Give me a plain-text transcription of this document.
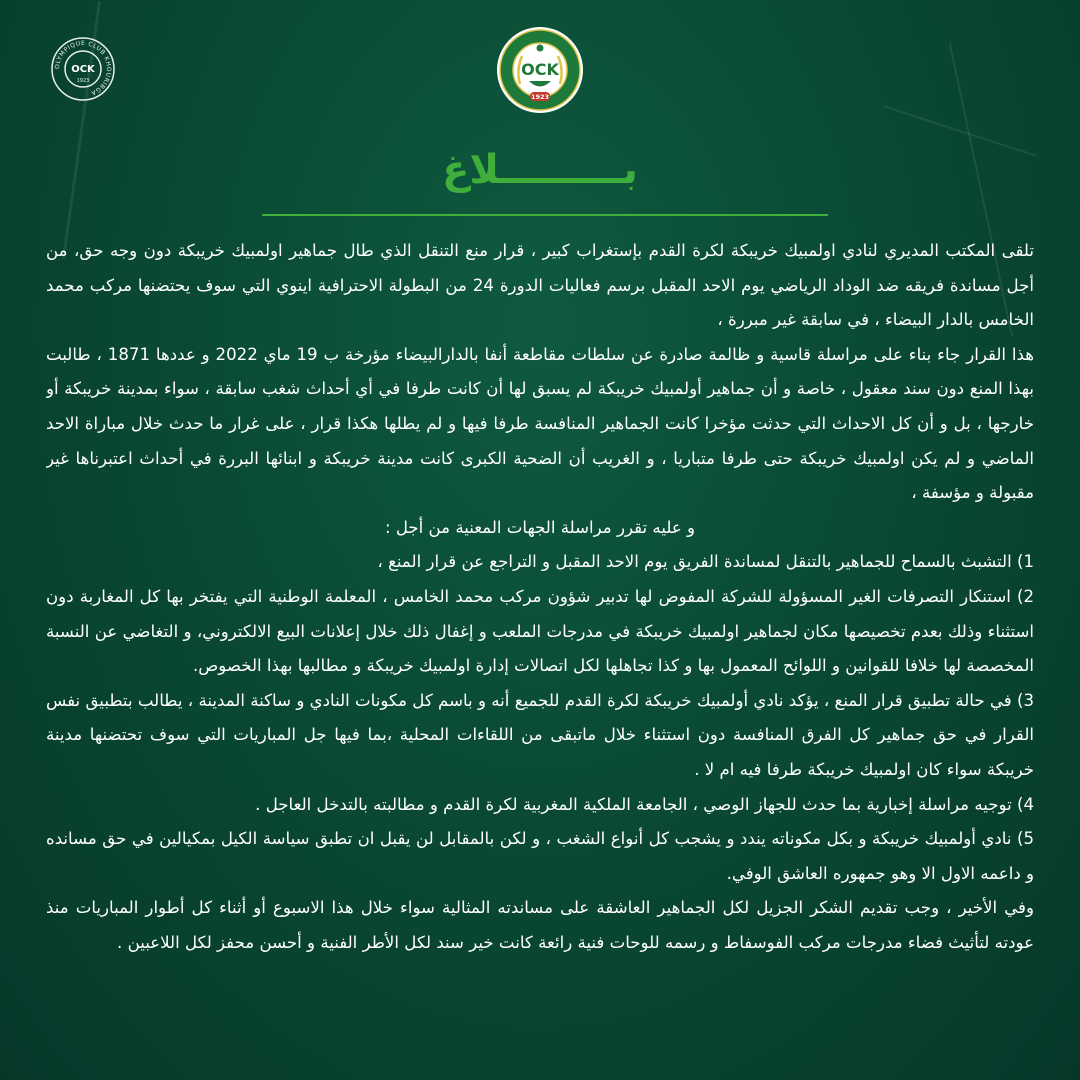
OLYMPIQUE CLUB KHOURIBGA
OCK
1923
OCK
1923
بـــــــــلاغ

تلقى المكتب المديري لنادي اولمبيك خريبكة لكرة القدم بإستغراب كبير ، قرار منع التنقل الذي طال جماهير اولمبيك خريبكة دون وجه حق، من أجل مساندة فريقه ضد الوداد الرياضي يوم الاحد المقبل برسم فعاليات الدورة 24 من البطولة الاحترافية اينوي التي سوف يحتضنها مركب محمد الخامس بالدار البيضاء ، في سابقة غير مبررة ،

هذا القرار جاء بناء على مراسلة قاسية و ظالمة صادرة عن سلطات مقاطعة أنفا بالدارالبيضاء مؤرخة ب 19 ماي 2022 و عددها 1871 ، طالبت بهذا المنع دون سند معقول ، خاصة و أن جماهير أولمبيك خريبكة لم يسبق لها أن كانت طرفا في أي أحداث شغب سابقة ، سواء بمدينة خريبكة أو خارجها ، بل و أن كل الاحداث التي حدثت مؤخرا كانت الجماهير المنافسة طرفا فيها و لم يطلها هكذا قرار ، على غرار ما حدث خلال مباراة الاحد الماضي و لم يكن اولمبيك خريبكة حتى طرفا متباريا ، و الغريب أن الضحية الكبرى كانت مدينة خريبكة و ابنائها البررة في أحداث اعتبرناها غير مقبولة و مؤسفة ،

و عليه تقرر مراسلة الجهات المعنية من أجل :

1) التشبث بالسماح للجماهير بالتنقل لمساندة الفريق يوم الاحد المقبل و التراجع عن قرار المنع ،

2) استنكار التصرفات الغير المسؤولة للشركة المفوض لها تدبير شؤون مركب محمد الخامس ، المعلمة الوطنية التي يفتخر بها كل المغاربة دون استثناء وذلك بعدم تخصيصها مكان لجماهير اولمبيك خريبكة في مدرجات الملعب و إغفال ذلك خلال إعلانات البيع الالكتروني، و التغاضي عن النسبة المخصصة لها خلافا للقوانين و اللوائح المعمول بها و كذا تجاهلها لكل اتصالات إدارة اولمبيك خريبكة و مطالبها بهذا الخصوص.

3) في حالة تطبيق قرار المنع ، يؤكد نادي أولمبيك خريبكة لكرة القدم للجميع أنه و باسم كل مكونات النادي و ساكنة المدينة ، يطالب بتطبيق نفس القرار في حق جماهير كل الفرق المنافسة دون استثناء خلال ماتبقى من اللقاءات المحلية ،بما فيها جل المباريات التي سوف تحتضنها مدينة خريبكة سواء كان اولمبيك خريبكة طرفا فيه ام لا .

4) توجيه مراسلة إخبارية بما حدث للجهاز الوصي ، الجامعة الملكية المغربية لكرة القدم و مطالبته بالتدخل العاجل .

5) نادي أولمبيك خريبكة و بكل مكوناته يندد و يشجب كل أنواع الشغب ، و لكن بالمقابل لن يقبل ان تطبق سياسة الكيل بمكيالين في حق مسانده و داعمه الاول الا وهو جمهوره العاشق الوفي.

وفي الأخير ، وجب تقديم الشكر الجزيل لكل الجماهير العاشقة على مساندته المثالية سواء خلال هذا الاسبوع أو أثناء كل أطوار المباريات منذ عودته لتأثيث فضاء مدرجات مركب الفوسفاط و رسمه للوحات فنية رائعة كانت خير سند لكل الأطر الفنية و أحسن محفز لكل اللاعبين .
